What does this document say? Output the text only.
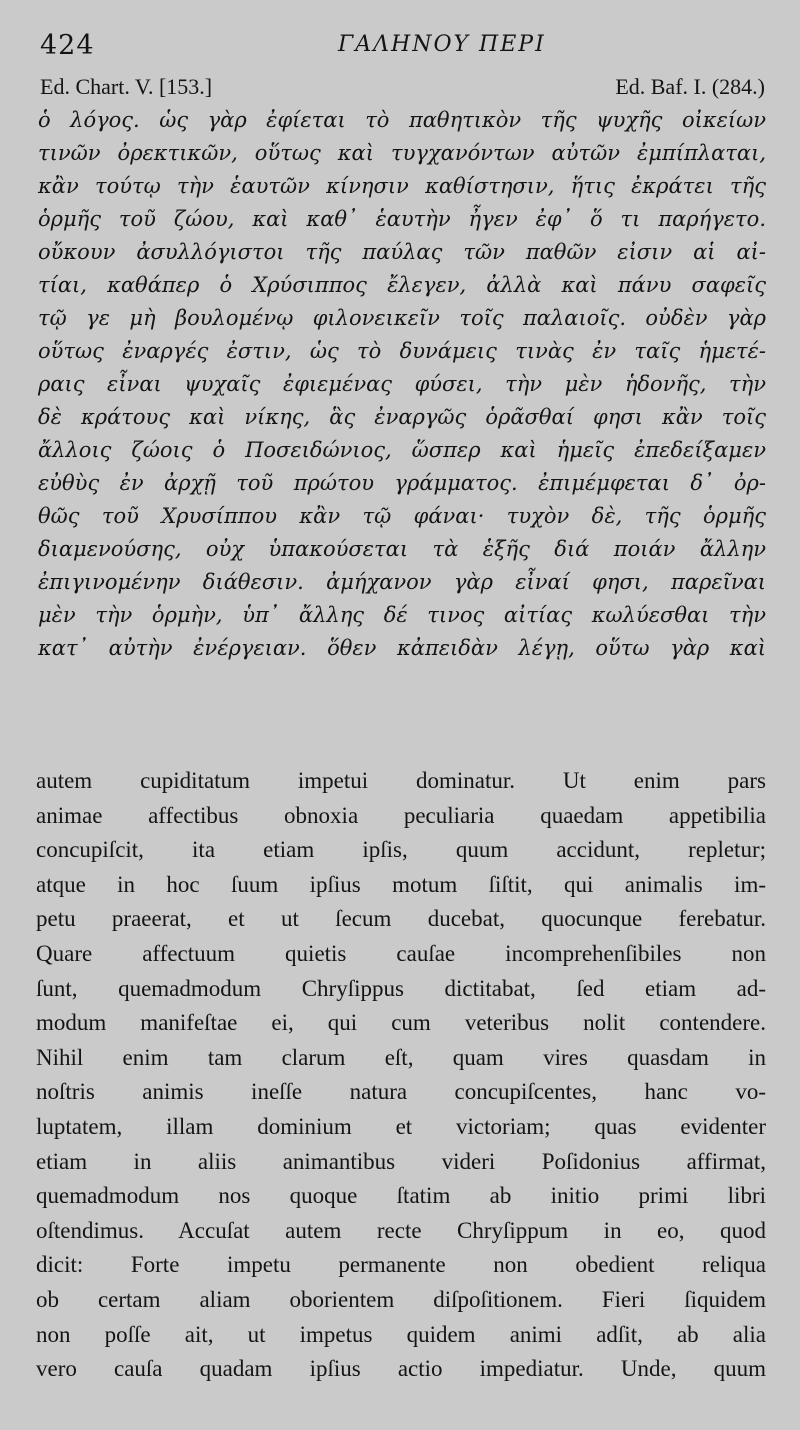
424	ΓΑΛΗΝΟΥ ΠΕΡΙ
Ed. Chart. V. [153.]	Ed. Baf. I. (284.)
ὁ λόγος. ὡς γὰρ ἐφίεται τὸ παθητικὸν τῆς ψυχῆς οἰκείων
τινῶν ὀρεκτικῶν, οὕτως καὶ τυγχανόντων αὐτῶν ἐμπίπλαται,
κἂν τούτῳ τὴν ἑαυτῶν κίνησιν καθίστησιν, ἥτις ἐκράτει τῆς
ὁρμῆς τοῦ ζώου, καὶ καθ᾽ ἑαυτὴν ἦγεν ἐφ᾽ ὅ τι παρήγετο.
οὔκουν ἀσυλλόγιστοι τῆς παύλας τῶν παθῶν εἰσιν αἱ αἰ-
τίαι, καθάπερ ὁ Χρύσιππος ἔλεγεν, ἀλλὰ καὶ πάνυ σαφεῖς
τῷ γε μὴ βουλομένῳ φιλονεικεῖν τοῖς παλαιοῖς. οὐδὲν γὰρ
οὕτως ἐναργές ἐστιν, ὡς τὸ δυνάμεις τινὰς ἐν ταῖς ἡμετέ-
ραις εἶναι ψυχαῖς ἐφιεμένας φύσει, τὴν μὲν ἡδονῆς, τὴν
δὲ κράτους καὶ νίκης, ἃς ἐναργῶς ὁρᾶσθαί φησι κἂν τοῖς
ἄλλοις ζώοις ὁ Ποσειδώνιος, ὥσπερ καὶ ἡμεῖς ἐπεδείξαμεν
εὐθὺς ἐν ἀρχῇ τοῦ πρώτου γράμματος. ἐπιμέμφεται δ᾽ ὀρ-
θῶς τοῦ Χρυσίππου κἂν τῷ φάναι· τυχὸν δὲ, τῆς ὁρμῆς
διαμενούσης, οὐχ ὑπακούσεται τὰ ἑξῆς διά ποιάν ἄλλην
ἐπιγινομένην διάθεσιν. ἀμήχανον γὰρ εἶναί φησι, παρεῖναι
μὲν τὴν ὁρμὴν, ὑπ᾽ ἄλλης δέ τινος αἰτίας κωλύεσθαι τὴν
κατ᾽ αὐτὴν ἐνέργειαν. ὅθεν κἀπειδὰν λέγῃ, οὕτω γὰρ καὶ
autem cupiditatum impetui dominatur. Ut enim pars
animae affectibus obnoxia peculiaria quaedam appetibilia
concupiſcit, ita etiam ipſis, quum accidunt, repletur;
atque in hoc ſuum ipſius motum ſiſtit, qui animalis im-
petu praeerat, et ut ſecum ducebat, quocunque ferebatur.
Quare affectuum quietis cauſae incomprehenſibiles non
ſunt, quemadmodum Chryſippus dictitabat, ſed etiam ad-
modum manifeſtae ei, qui cum veteribus nolit contendere.
Nihil enim tam clarum eſt, quam vires quasdam in
noſtris animis ineſſe natura concupiſcentes, hanc vo-
luptatem, illam dominium et victoriam; quas evidenter
etiam in aliis animantibus videri Poſidonius affirmat,
quemadmodum nos quoque ſtatim ab initio primi libri
oſtendimus. Accuſat autem recte Chryſippum in eo, quod
dicit: Forte impetu permanente non obedient reliqua
ob certam aliam oborientem diſpoſitionem. Fieri ſiquidem
non poſſe ait, ut impetus quidem animi adſit, ab alia
vero cauſa quadam ipſius actio impediatur. Unde, quum
